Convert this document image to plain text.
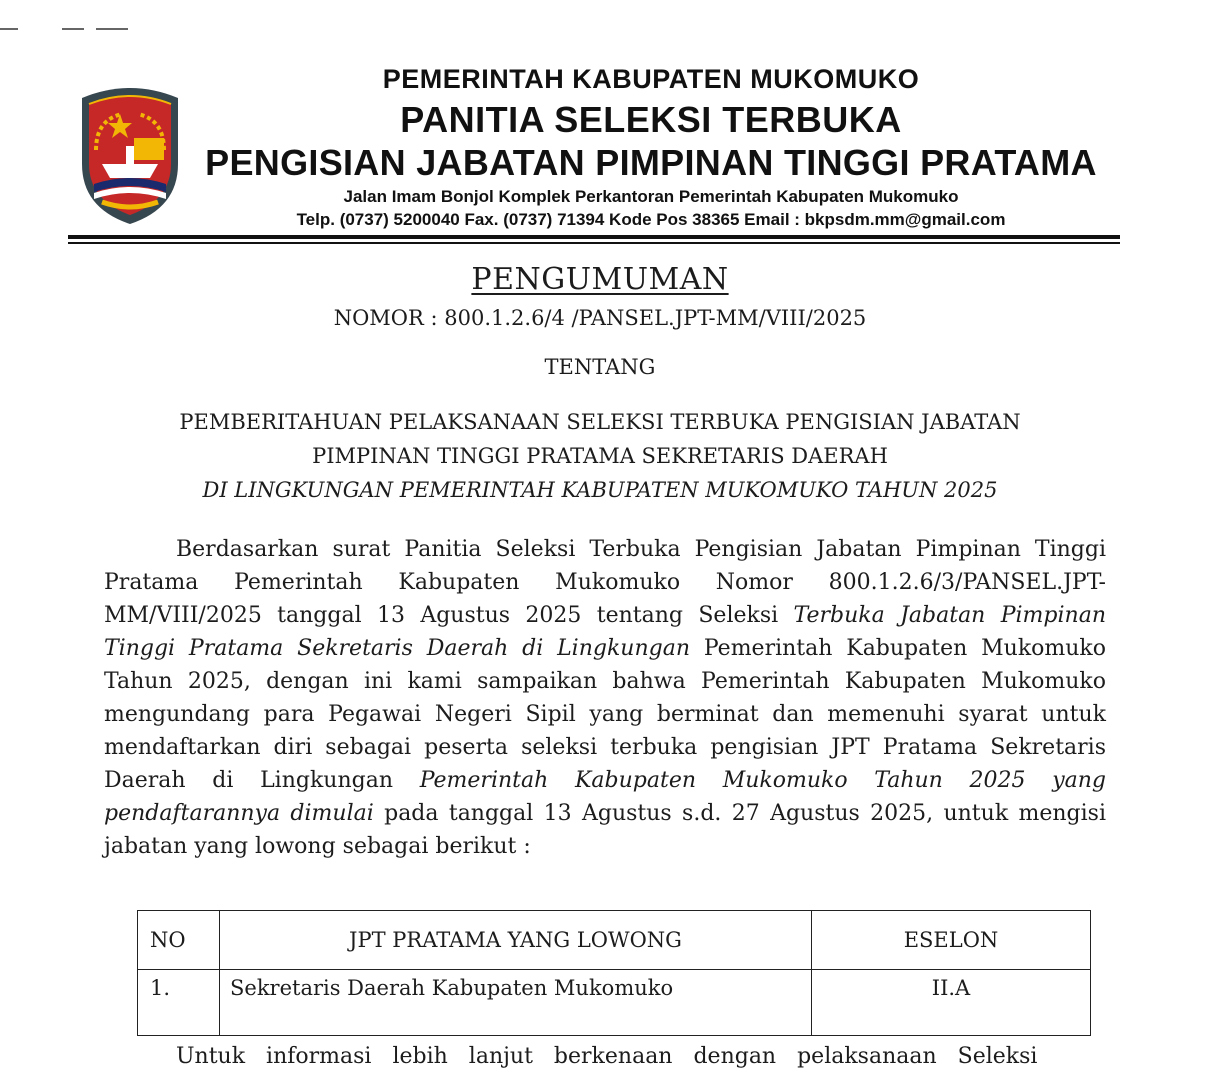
PEMERINTAH KABUPATEN MUKOMUKO
PANITIA SELEKSI TERBUKA
PENGISIAN JABATAN PIMPINAN TINGGI PRATAMA
Jalan Imam Bonjol Komplek Perkantoran Pemerintah Kabupaten Mukomuko
Telp. (0737) 5200040 Fax. (0737) 71394 Kode Pos 38365 Email : bkpsdm.mm@gmail.com
PENGUMUMAN
NOMOR : 800.1.2.6/4 /PANSEL.JPT-MM/VIII/2025
TENTANG
PEMBERITAHUAN PELAKSANAAN SELEKSI TERBUKA PENGISIAN JABATAN
PIMPINAN TINGGI PRATAMA SEKRETARIS DAERAH
DI LINGKUNGAN PEMERINTAH KABUPATEN MUKOMUKO TAHUN 2025
Berdasarkan surat Panitia Seleksi Terbuka Pengisian Jabatan Pimpinan Tinggi Pratama Pemerintah Kabupaten Mukomuko Nomor 800.1.2.6/3/PANSEL.JPT-MM/VIII/2025 tanggal 13 Agustus 2025 tentang Seleksi Terbuka Jabatan Pimpinan Tinggi Pratama Sekretaris Daerah di Lingkungan Pemerintah Kabupaten Mukomuko Tahun 2025, dengan ini kami sampaikan bahwa Pemerintah Kabupaten Mukomuko mengundang para Pegawai Negeri Sipil yang berminat dan memenuhi syarat untuk mendaftarkan diri sebagai peserta seleksi terbuka pengisian JPT Pratama Sekretaris Daerah di Lingkungan Pemerintah Kabupaten Mukomuko Tahun 2025 yang pendaftarannya dimulai pada tanggal 13 Agustus s.d. 27 Agustus 2025, untuk mengisi jabatan yang lowong sebagai berikut :
NO	JPT PRATAMA YANG LOWONG	ESELON
1.	Sekretaris Daerah Kabupaten Mukomuko	II.A
Untuk informasi lebih lanjut berkenaan dengan pelaksanaan Seleksi
